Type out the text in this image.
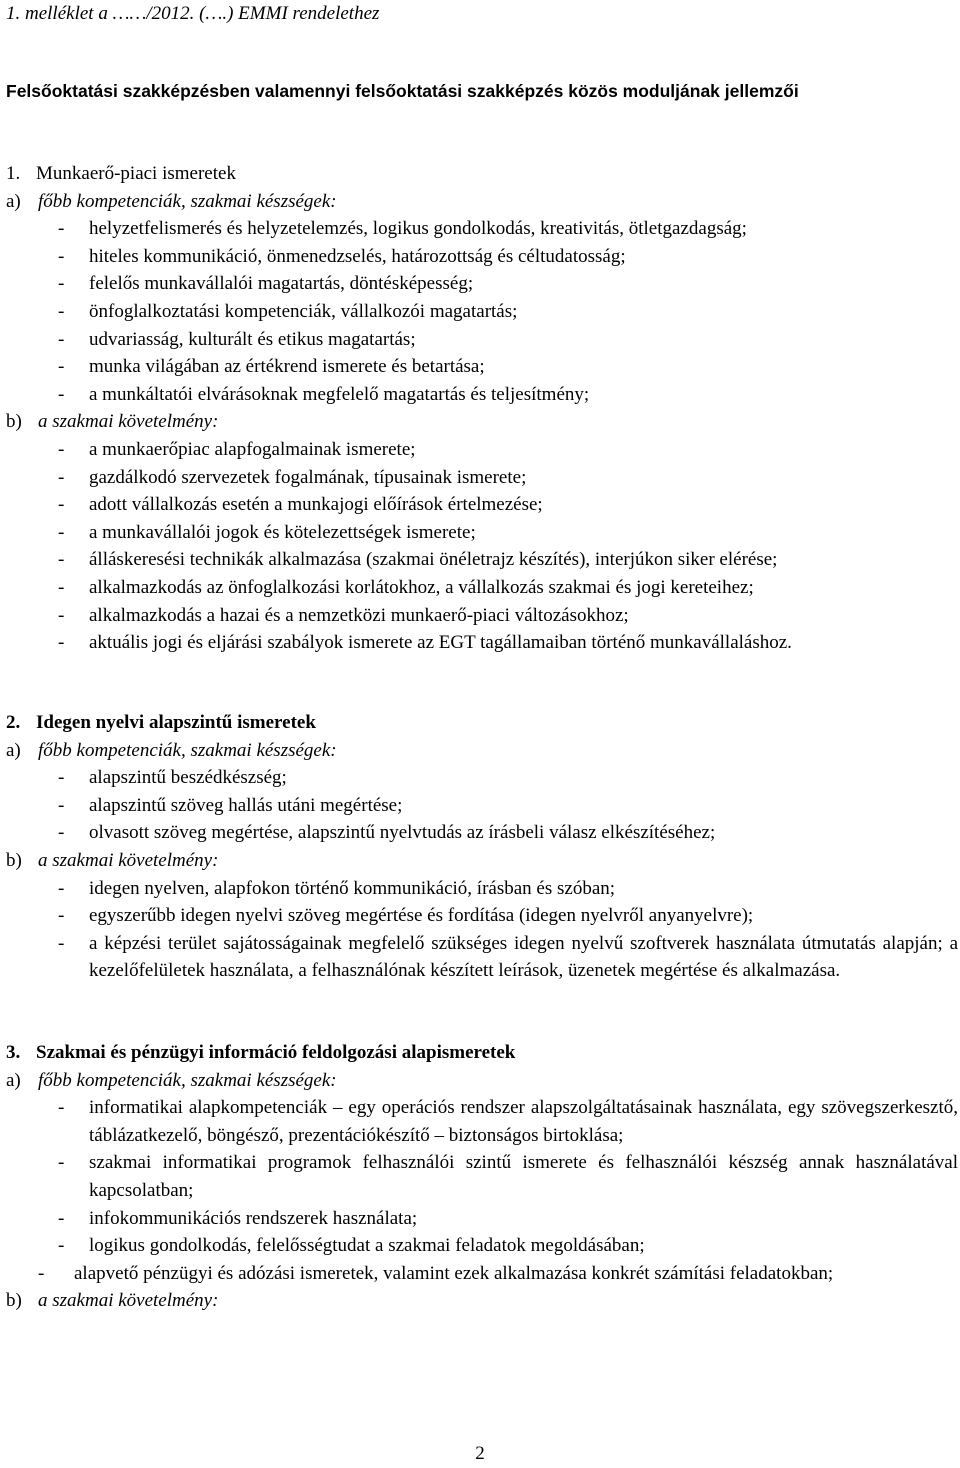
1. melléklet a ……/2012. (….) EMMI rendelethez
Felsőoktatási szakképzésben valamennyi felsőoktatási szakképzés közös moduljának jellemzői
1. Munkaerő-piaci ismeretek
a) főbb kompetenciák, szakmai készségek:
- helyzetfelismerés és helyzetelemzés, logikus gondolkodás, kreativitás, ötletgazdagság;
- hiteles kommunikáció, önmenedzselés, határozottság és céltudatosság;
- felelős munkavállalói magatartás, döntésképesség;
- önfoglalkoztatási kompetenciák, vállalkozói magatartás;
- udvariasság, kulturált és etikus magatartás;
- munka világában az értékrend ismerete és betartása;
- a munkáltatói elvárásoknak megfelelő magatartás és teljesítmény;
b) a szakmai követelmény:
- a munkaerőpiac alapfogalmainak ismerete;
- gazdálkodó szervezetek fogalmának, típusainak ismerete;
- adott vállalkozás esetén a munkajogi előírások értelmezése;
- a munkavállalói jogok és kötelezettségek ismerete;
- álláskeresési technikák alkalmazása (szakmai önéletrajz készítés), interjúkon siker elérése;
- alkalmazkodás az önfoglalkozási korlátokhoz, a vállalkozás szakmai és jogi kereteihez;
- alkalmazkodás a hazai és a nemzetközi munkaerő-piaci változásokhoz;
- aktuális jogi és eljárási szabályok ismerete az EGT tagállamaiban történő munkavállaláshoz.
2. Idegen nyelvi alapszintű ismeretek
a) főbb kompetenciák, szakmai készségek:
- alapszintű beszédkészség;
- alapszintű szöveg hallás utáni megértése;
- olvasott szöveg megértése, alapszintű nyelvtudás az írásbeli válasz elkészítéséhez;
b) a szakmai követelmény:
- idegen nyelven, alapfokon történő kommunikáció, írásban és szóban;
- egyszerűbb idegen nyelvi szöveg megértése és fordítása (idegen nyelvről anyanyelvre);
- a képzési terület sajátosságainak megfelelő szükséges idegen nyelvű szoftverek használata útmutatás alapján; a kezelőfelületek használata, a felhasználónak készített leírások, üzenetek megértése és alkalmazása.
3. Szakmai és pénzügyi információ feldolgozási alapismeretek
a) főbb kompetenciák, szakmai készségek:
- informatikai alapkompetenciák – egy operációs rendszer alapszolgáltatásainak használata, egy szövegszerkesztő, táblázatkezelő, böngésző, prezentációkészítő – biztonságos birtoklása;
- szakmai informatikai programok felhasználói szintű ismerete és felhasználói készség annak használatával kapcsolatban;
- infokommunikációs rendszerek használata;
- logikus gondolkodás, felelősségtudat a szakmai feladatok megoldásában;
- alapvető pénzügyi és adózási ismeretek, valamint ezek alkalmazása konkrét számítási feladatokban;
b) a szakmai követelmény:
2
